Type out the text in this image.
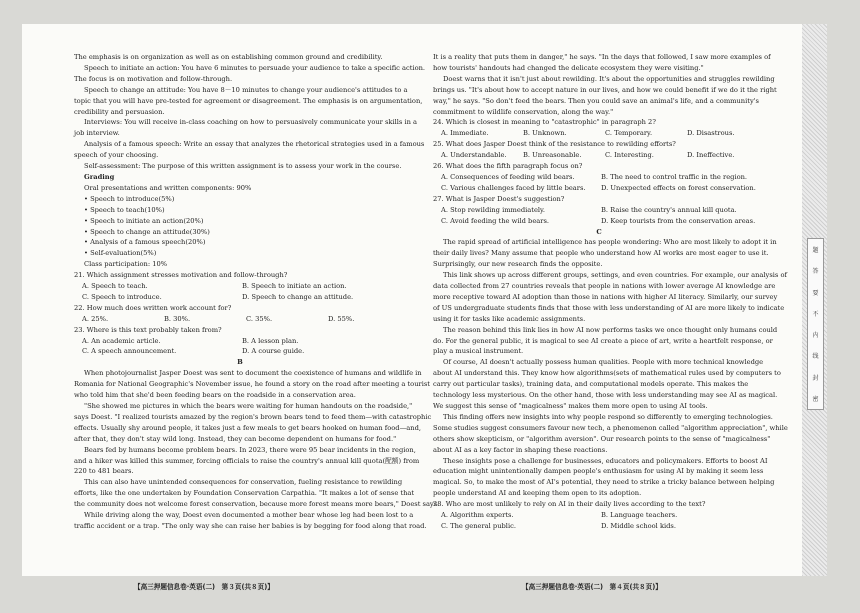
The emphasis is on organization as well as on establishing common ground and credibility.
Speech to initiate an action: You have 6 minutes to persuade your audience to take a specific action.
The focus is on motivation and follow-through.
Speech to change an attitude: You have 8－10 minutes to change your audience's attitudes to a
topic that you will have pre-tested for agreement or disagreement. The emphasis is on argumentation,
credibility and persuasion.
Interviews: You will receive in-class coaching on how to persuasively communicate your skills in a
job interview.
Analysis of a famous speech: Write an essay that analyzes the rhetorical strategies used in a famous
speech of your choosing.
Self-assessment: The purpose of this written assignment is to assess your work in the course.
Grading
Oral presentations and written components: 90%
• Speech to introduce(5%)
• Speech to teach(10%)
• Speech to initiate an action(20%)
• Speech to change an attitude(30%)
• Analysis of a famous speech(20%)
• Self-evaluation(5%)
Class participation: 10%
21. Which assignment stresses motivation and follow-through?
A. Speech to teach.	B. Speech to initiate an action.
C. Speech to introduce.	D. Speech to change an attitude.
22. How much does written work account for?
A. 25%.	B. 30%.	C. 35%.	D. 55%.
23. Where is this text probably taken from?
A. An academic article.	B. A lesson plan.
C. A speech announcement.	D. A course guide.
B
When photojournalist Jasper Doest was sent to document the coexistence of humans and wildlife in
Romania for National Geographic's November issue, he found a story on the road after meeting a tourist
who told him that she'd been feeding bears on the roadside in a conservation area.
"She showed me pictures in which the bears were waiting for human handouts on the roadside,"
says Doest. "I realized tourists amazed by the region's brown bears tend to feed them—with catastrophic
effects. Usually shy around people, it takes just a few meals to get bears hooked on human food—and,
after that, they don't stay wild long. Instead, they can become dependent on humans for food."
Bears fed by humans become problem bears. In 2023, there were 95 bear incidents in the region,
and a hiker was killed this summer, forcing officials to raise the country's annual kill quota(配额) from
220 to 481 bears.
This can also have unintended consequences for conservation, fueling resistance to rewilding
efforts, like the one undertaken by Foundation Conservation Carpathia. "It makes a lot of sense that
the community does not welcome forest conservation, because more forest means more bears," Doest says.
While driving along the way, Doest even documented a mother bear whose leg had been lost to a
traffic accident or a trap. "The only way she can raise her babies is by begging for food along that road.
【高三押题信息卷·英语(二)　第３页(共８页)】
It is a reality that puts them in danger," he says. "In the days that followed, I saw more examples of
how tourists' handouts had changed the delicate ecosystem they were visiting."
Doest warns that it isn't just about rewilding. It's about the opportunities and struggles rewilding
brings us. "It's about how to accept nature in our lives, and how we could benefit if we do it the right
way," he says. "So don't feed the bears. Then you could save an animal's life, and a community's
commitment to wildlife conservation, along the way."
24. Which is closest in meaning to "catastrophic" in paragraph 2?
A. Immediate.	B. Unknown.	C. Temporary.	D. Disastrous.
25. What does Jasper Doest think of the resistance to rewilding efforts?
A. Understandable.	B. Unreasonable.	C. Interesting.	D. Ineffective.
26. What does the fifth paragraph focus on?
A. Consequences of feeding wild bears.	B. The need to control traffic in the region.
C. Various challenges faced by little bears.	D. Unexpected effects on forest conservation.
27. What is Jasper Doest's suggestion?
A. Stop rewilding immediately.	B. Raise the country's annual kill quota.
C. Avoid feeding the wild bears.	D. Keep tourists from the conservation areas.
C
The rapid spread of artificial intelligence has people wondering: Who are most likely to adopt it in
their daily lives? Many assume that people who understand how AI works are most eager to use it.
Surprisingly, our new research finds the opposite.
This link shows up across different groups, settings, and even countries. For example, our analysis of
data collected from 27 countries reveals that people in nations with lower average AI knowledge are
more receptive toward AI adoption than those in nations with higher AI literacy. Similarly, our survey
of US undergraduate students finds that those with less understanding of AI are more likely to indicate
using it for tasks like academic assignments.
The reason behind this link lies in how AI now performs tasks we once thought only humans could
do. For the general public, it is magical to see AI create a piece of art, write a heartfelt response, or
play a musical instrument.
Of course, AI doesn't actually possess human qualities. People with more technical knowledge
about AI understand this. They know how algorithms(sets of mathematical rules used by computers to
carry out particular tasks), training data, and computational models operate. This makes the
technology less mysterious. On the other hand, those with less understanding may see AI as magical.
We suggest this sense of "magicalness" makes them more open to using AI tools.
This finding offers new insights into why people respond so differently to emerging technologies.
Some studies suggest consumers favour new tech, a phenomenon called "algorithm appreciation", while
others show skepticism, or "algorithm aversion". Our research points to the sense of "magicalness"
about AI as a key factor in shaping these reactions.
These insights pose a challenge for businesses, educators and policymakers. Efforts to boost AI
education might unintentionally dampen people's enthusiasm for using AI by making it seem less
magical. So, to make the most of AI's potential, they need to strike a tricky balance between helping
people understand AI and keeping them open to its adoption.
28. Who are most unlikely to rely on AI in their daily lives according to the text?
A. Algorithm experts.	B. Language teachers.
C. The general public.	D. Middle school kids.
【高三押题信息卷·英语(二)　第４页(共８页)】
题
答
要
不
内
线
封
密
